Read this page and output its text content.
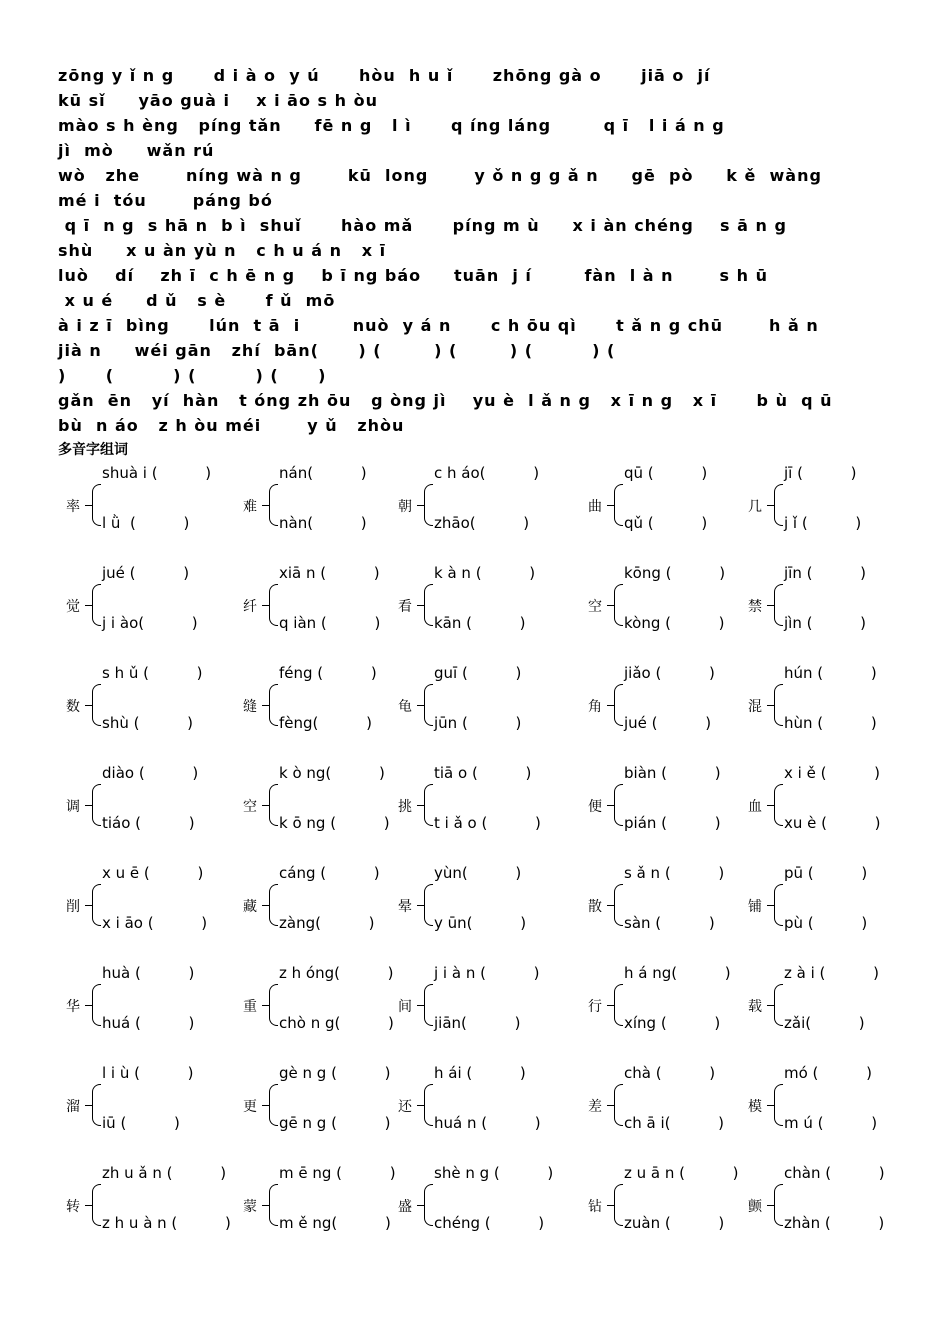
zōng y ǐ n g      d i à o  y ú      hòu  h u ǐ      zhōng gà o      jiā o  jí
kū sǐ     yāo guà i    x i āo s h òu
mào s h èng   píng tǎn     fē n g   l ì      q íng láng        q ī   l i á n g
jì  mò     wǎn rú
wò   zhe       níng wà n g       kū  long       y ǒ n g g ǎ n     gē  pò     k ě  wàng
mé i  tóu       páng bó
q ī  n g  s hā n  b ì  shuǐ      hào mǎ      píng m ù     x i àn chéng    s ā n g
shù     x u àn yù n   c h u á n   x ī
luò    dí    zh ī  c h ē n g    b ī ng báo     tuān  j í        fàn  l à n       s h ū
x u é     d ǔ   s è      f ǔ  mō
à i z ī  bìng      lún  t ā  i        nuò  y á n      c h ōu qì      t ǎ n g chū       h ǎ n
jià n     wéi gān   zhí  bān(      ) (        ) (        ) (         ) (
)      (         ) (         ) (      )
gǎn  ēn   yí  hàn   t óng zh ōu   g òng jì    yu è  l ǎ n g   x ī n g   x ī      b ù  q ū
bù  n áo   z h òu méi       y ǔ   zhòu
多音字组词
率
shuà i (          )
l ǜ  (          )
难
nán(          )
nàn(          )
朝
c h áo(          )
zhāo(          )
曲
qū (          )
qǔ (          )
几
jī (          )
j ǐ (          )
觉
jué (          )
j i ào(          )
纤
xiā n (          )
q iàn (          )
看
k à n (          )
kān (          )
空
kōng (          )
kòng (          )
禁
jīn (          )
jìn (          )
数
s h ǔ (          )
shù (          )
缝
féng (          )
fèng(          )
龟
guī (          )
jūn (          )
角
jiǎo (          )
jué (          )
混
hún (          )
hùn (          )
调
diào (          )
tiáo (          )
空
k ò ng(          )
k ō ng (          )
挑
tiā o (          )
t i ǎ o (          )
便
biàn (          )
pián (          )
血
x i ě (          )
xu è (          )
削
x u ē (          )
x i āo (          )
藏
cáng (          )
zàng(          )
晕
yùn(          )
y ūn(          )
散
s ǎ n (          )
sàn (          )
铺
pū (          )
pù (          )
华
huà (          )
huá (          )
重
z h óng(          )
chò n g(          )
间
j i à n (          )
jiān(          )
行
h á ng(          )
xíng (          )
载
z à i (          )
zǎi(          )
溜
l i ù (          )
iū (          )
更
gè n g (          )
gē n g (          )
还
h ái (          )
huá n (          )
差
chà (          )
ch ā i(          )
模
mó (          )
m ú (          )
转
zh u ǎ n (          )
z h u à n (          )
蒙
m ē ng (          )
m ě ng(          )
盛
shè n g (          )
chéng (          )
钻
z u ā n (          )
zuàn (          )
颤
chàn (          )
zhàn (          )
